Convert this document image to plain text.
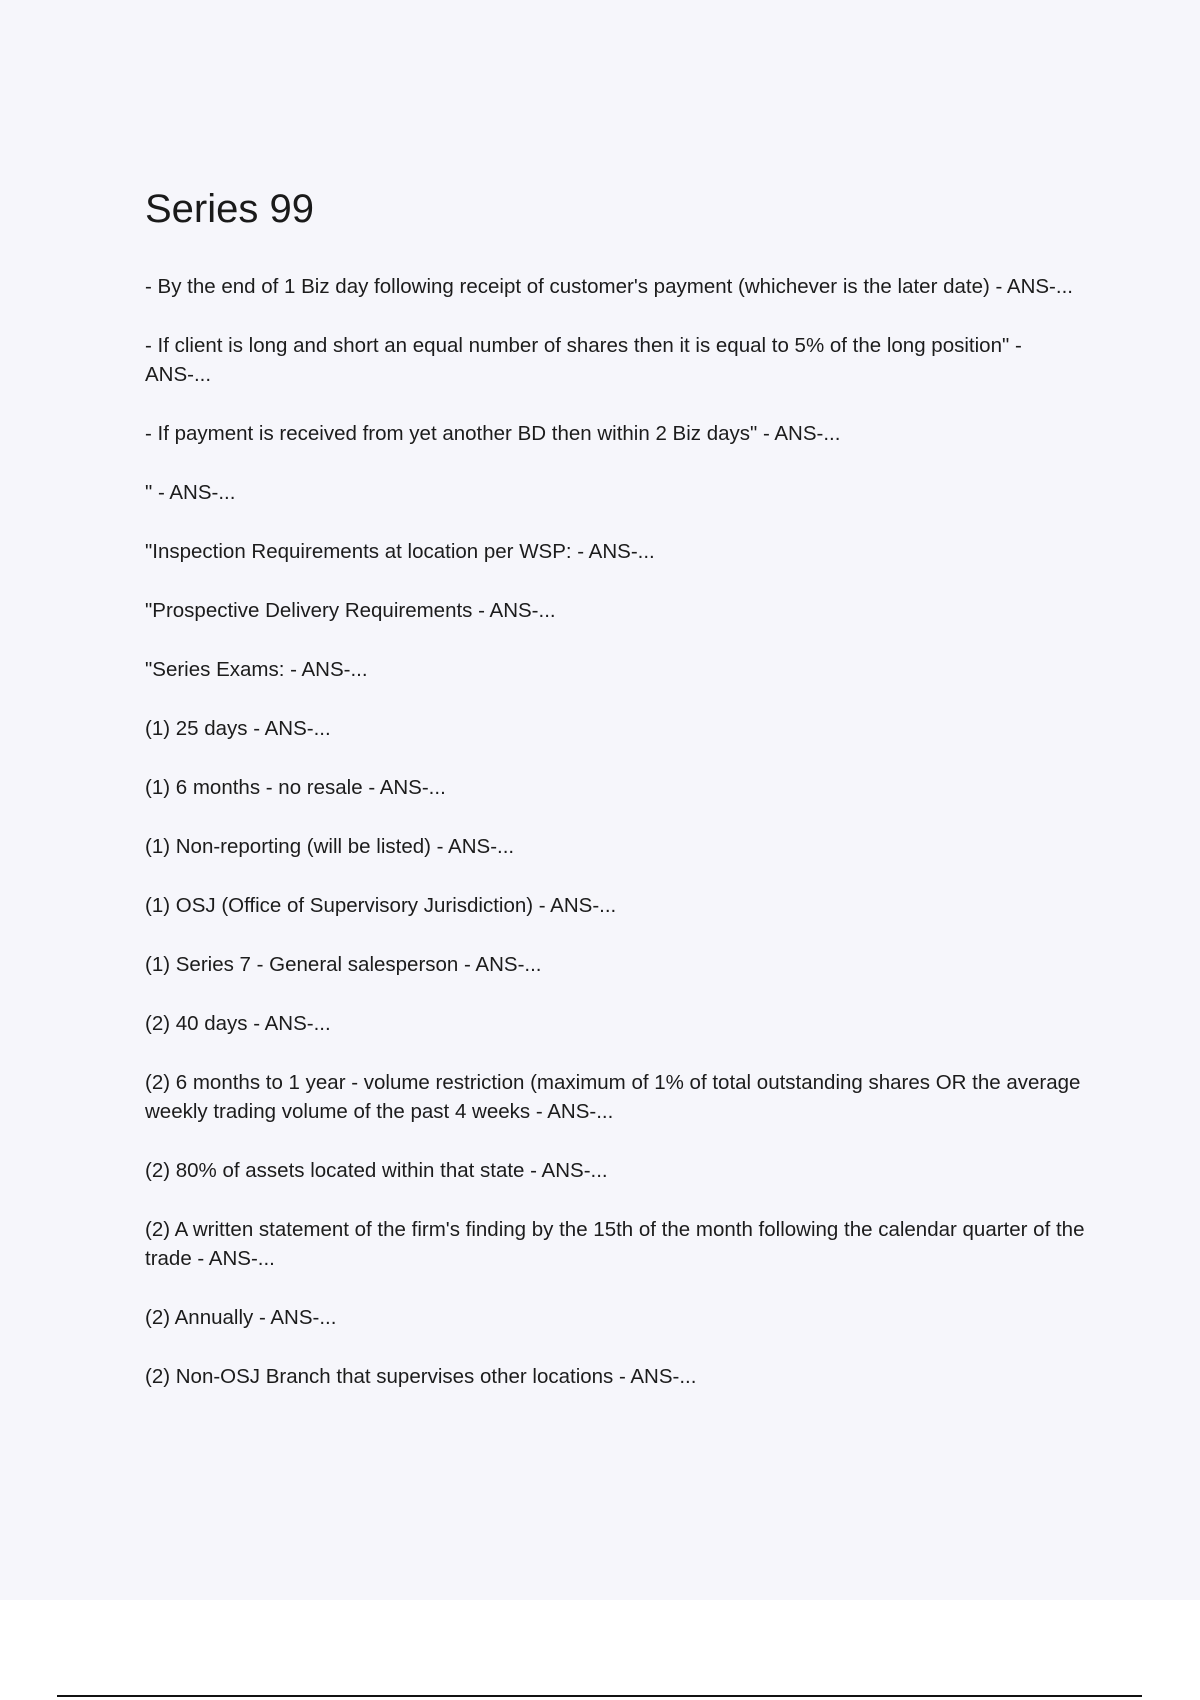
Series 99
- By the end of 1 Biz day following receipt of customer's payment (whichever is the later date) - ANS-...
- If client is long and short an equal number of shares then it is equal to 5% of the long position" - ANS-...
- If payment is received from yet another BD then within 2 Biz days" - ANS-...
" - ANS-...
"Inspection Requirements at location per WSP: - ANS-...
"Prospective Delivery Requirements - ANS-...
"Series Exams: - ANS-...
(1) 25 days - ANS-...
(1) 6 months - no resale - ANS-...
(1) Non-reporting (will be listed) - ANS-...
(1) OSJ (Office of Supervisory Jurisdiction) - ANS-...
(1) Series 7 - General salesperson - ANS-...
(2) 40 days - ANS-...
(2) 6 months to 1 year - volume restriction (maximum of 1% of total outstanding shares OR the average weekly trading volume of the past 4 weeks - ANS-...
(2) 80% of assets located within that state - ANS-...
(2) A written statement of the firm's finding by the 15th of the month following the calendar quarter of the trade - ANS-...
(2) Annually - ANS-...
(2) Non-OSJ Branch that supervises other locations - ANS-...
